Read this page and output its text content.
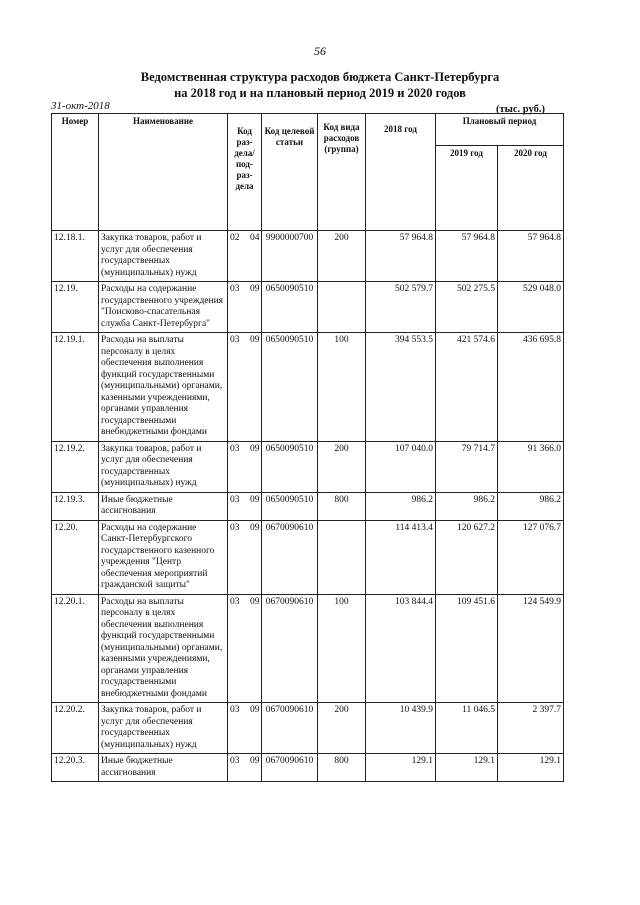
56
Ведомственная структура расходов бюджета Санкт-Петербурга
на 2018 год и на плановый период 2019 и 2020 годов
31-окт-2018	(тыс. руб.)
Номер	Наименование	Код раз-дела/ под-раз-дела	Код целевой статьи	Код вида расходов (группа)	2018 год	Плановый период	
						2019 год	2020 год
12.18.1.	Закупка товаров, работ и услуг для обеспечения государственных (муниципальных) нужд	02 04	9900000700	200	57 964.8	57 964.8	57 964.8
12.19.	Расходы на содержание государственного учреждения "Поисково-спасательная служба Санкт-Петербурга"	03 09	0650090510		502 579.7	502 275.5	529 048.0
12.19.1.	Расходы на выплаты персоналу в целях обеспечения выполнения функций государственными (муниципальными) органами, казенными учреждениями, органами управления государственными внебюджетными фондами	03 09	0650090510	100	394 553.5	421 574.6	436 695.8
12.19.2.	Закупка товаров, работ и услуг для обеспечения государственных (муниципальных) нужд	03 09	0650090510	200	107 040.0	79 714.7	91 366.0
12.19.3.	Иные бюджетные ассигнования	03 09	0650090510	800	986.2	986.2	986.2
12.20.	Расходы на содержание Санкт-Петербургского государственного казенного учреждения "Центр обеспечения мероприятий гражданской защиты"	03 09	0670090610		114 413.4	120 627.2	127 076.7
12.20.1.	Расходы на выплаты персоналу в целях обеспечения выполнения функций государственными (муниципальными) органами, казенными учреждениями, органами управления государственными внебюджетными фондами	03 09	0670090610	100	103 844.4	109 451.6	124 549.9
12.20.2.	Закупка товаров, работ и услуг для обеспечения государственных (муниципальных) нужд	03 09	0670090610	200	10 439.9	11 046.5	2 397.7
12.20.3.	Иные бюджетные ассигнования	03 09	0670090610	800	129.1	129.1	129.1
